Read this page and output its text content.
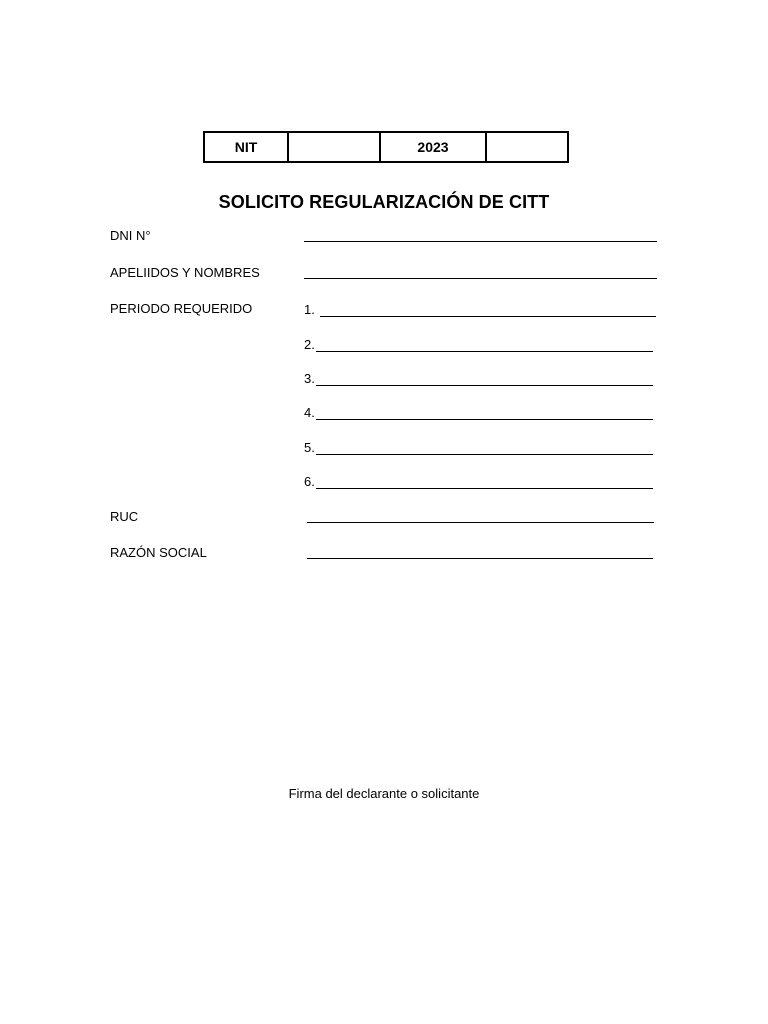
NIT		2023	
SOLICITO REGULARIZACIÓN DE CITT
DNI N°
APELIIDOS Y NOMBRES
PERIODO REQUERIDO	1.
2.
3.
4.
5.
6.
RUC
RAZÓN SOCIAL
Firma del declarante o solicitante
